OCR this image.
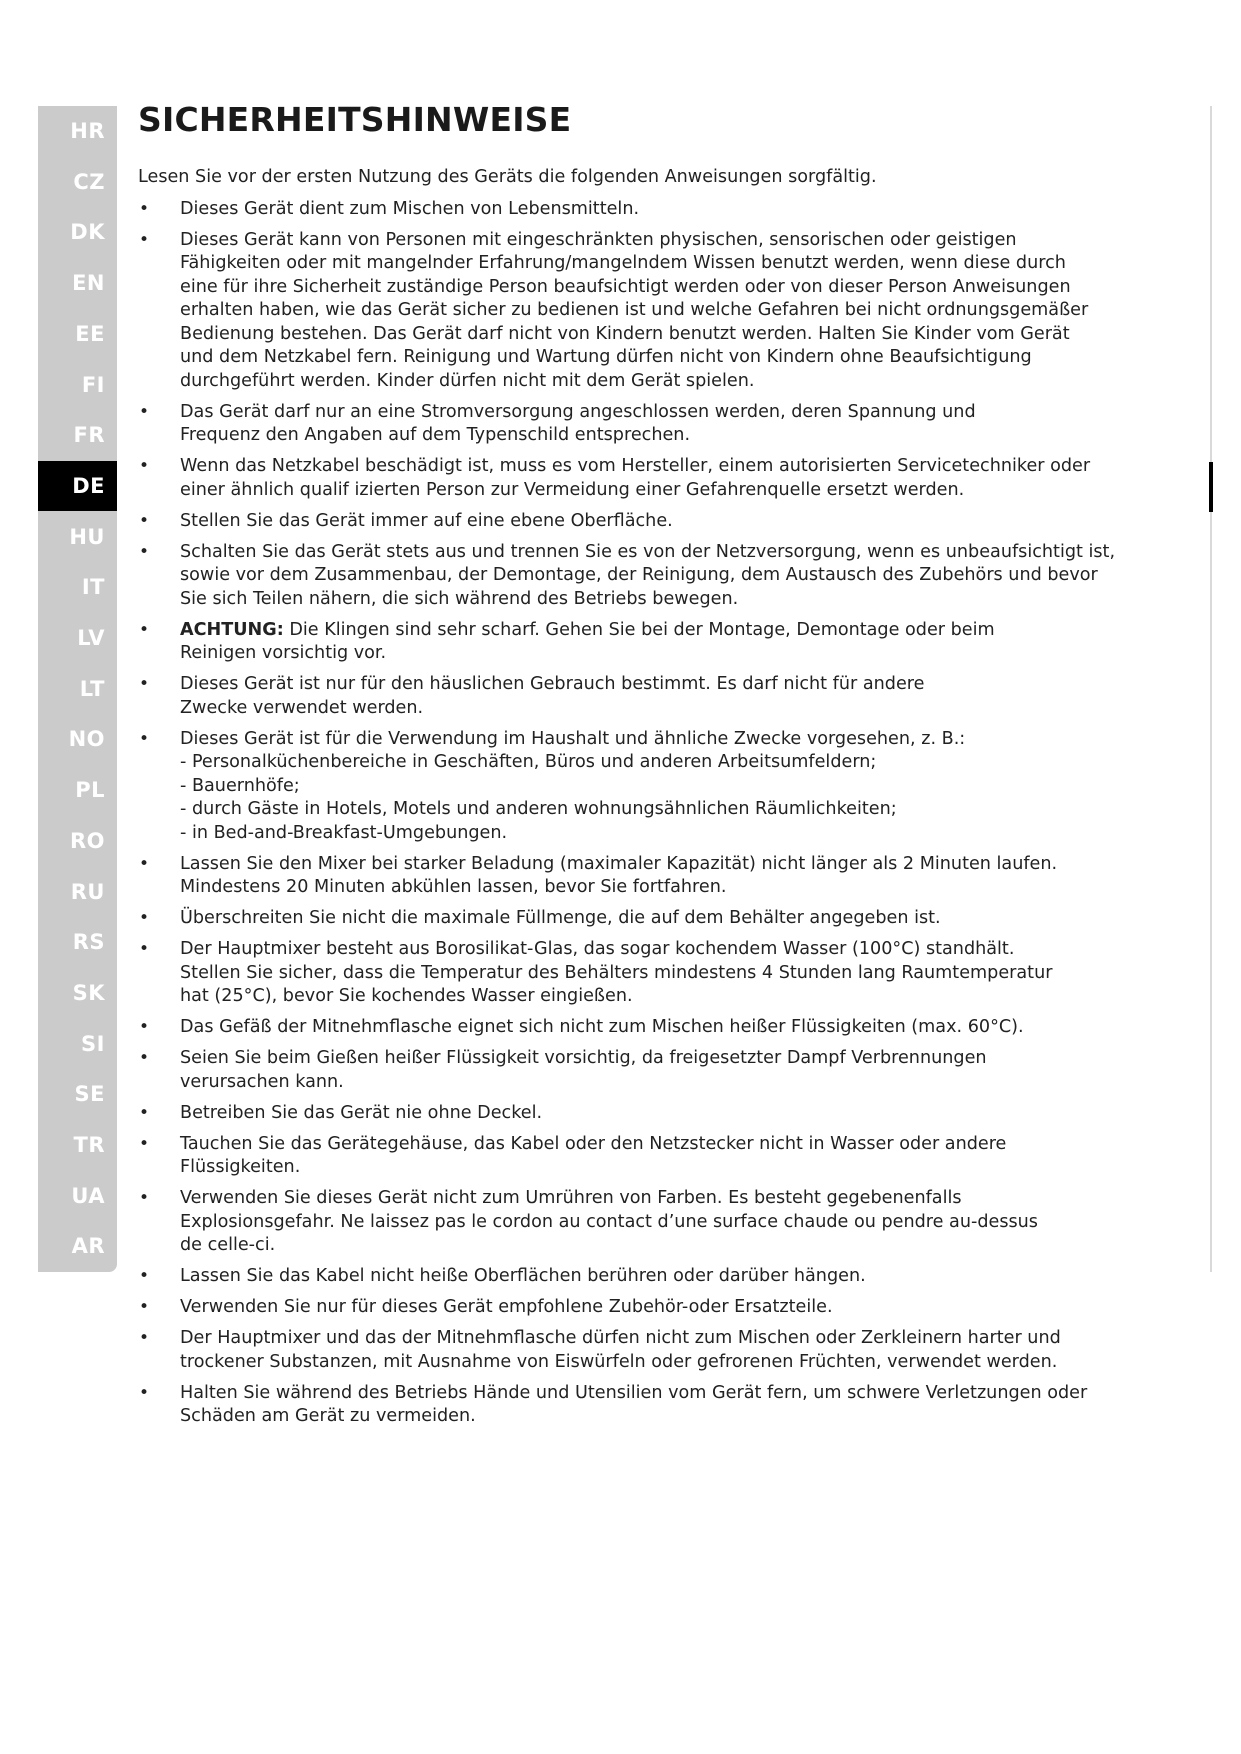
HR
CZ
DK
EN
EE
FI
FR
DE
HU
IT
LV
LT
NO
PL
RO
RU
RS
SK
SI
SE
TR
UA
AR
SICHERHEITSHINWEISE

Lesen Sie vor der ersten Nutzung des Geräts die folgenden Anweisungen sorgfältig.

• Dieses Gerät dient zum Mischen von Lebensmitteln.
• Dieses Gerät kann von Personen mit eingeschränkten physischen, sensorischen oder geistigen
Fähigkeiten oder mit mangelnder Erfahrung/mangelndem Wissen benutzt werden, wenn diese durch
eine für ihre Sicherheit zuständige Person beaufsichtigt werden oder von dieser Person Anweisungen
erhalten haben, wie das Gerät sicher zu bedienen ist und welche Gefahren bei nicht ordnungsgemäßer
Bedienung bestehen. Das Gerät darf nicht von Kindern benutzt werden. Halten Sie Kinder vom Gerät
und dem Netzkabel fern. Reinigung und Wartung dürfen nicht von Kindern ohne Beaufsichtigung
durchgeführt werden. Kinder dürfen nicht mit dem Gerät spielen.
• Das Gerät darf nur an eine Stromversorgung angeschlossen werden, deren Spannung und
Frequenz den Angaben auf dem Typenschild entsprechen.
• Wenn das Netzkabel beschädigt ist, muss es vom Hersteller, einem autorisierten Servicetechniker oder
einer ähnlich qualif izierten Person zur Vermeidung einer Gefahrenquelle ersetzt werden.
• Stellen Sie das Gerät immer auf eine ebene Oberfläche.
• Schalten Sie das Gerät stets aus und trennen Sie es von der Netzversorgung, wenn es unbeaufsichtigt ist,
sowie vor dem Zusammenbau, der Demontage, der Reinigung, dem Austausch des Zubehörs und bevor
Sie sich Teilen nähern, die sich während des Betriebs bewegen.
• ACHTUNG: Die Klingen sind sehr scharf. Gehen Sie bei der Montage, Demontage oder beim
Reinigen vorsichtig vor.
• Dieses Gerät ist nur für den häuslichen Gebrauch bestimmt. Es darf nicht für andere
Zwecke verwendet werden.
• Dieses Gerät ist für die Verwendung im Haushalt und ähnliche Zwecke vorgesehen, z. B.:
- Personalküchenbereiche in Geschäften, Büros und anderen Arbeitsumfeldern;
- Bauernhöfe;
- durch Gäste in Hotels, Motels und anderen wohnungsähnlichen Räumlichkeiten;
- in Bed-and-Breakfast-Umgebungen.
• Lassen Sie den Mixer bei starker Beladung (maximaler Kapazität) nicht länger als 2 Minuten laufen.
Mindestens 20 Minuten abkühlen lassen, bevor Sie fortfahren.
• Überschreiten Sie nicht die maximale Füllmenge, die auf dem Behälter angegeben ist.
• Der Hauptmixer besteht aus Borosilikat-Glas, das sogar kochendem Wasser (100°C) standhält.
Stellen Sie sicher, dass die Temperatur des Behälters mindestens 4 Stunden lang Raumtemperatur
hat (25°C), bevor Sie kochendes Wasser eingießen.
• Das Gefäß der Mitnehmflasche eignet sich nicht zum Mischen heißer Flüssigkeiten (max. 60°C).
• Seien Sie beim Gießen heißer Flüssigkeit vorsichtig, da freigesetzter Dampf Verbrennungen
verursachen kann.
• Betreiben Sie das Gerät nie ohne Deckel.
• Tauchen Sie das Gerätegehäuse, das Kabel oder den Netzstecker nicht in Wasser oder andere
Flüssigkeiten.
• Verwenden Sie dieses Gerät nicht zum Umrühren von Farben. Es besteht gegebenenfalls
Explosionsgefahr. Ne laissez pas le cordon au contact d’une surface chaude ou pendre au-dessus
de celle-ci.
• Lassen Sie das Kabel nicht heiße Oberflächen berühren oder darüber hängen.
• Verwenden Sie nur für dieses Gerät empfohlene Zubehör-oder Ersatzteile.
• Der Hauptmixer und das der Mitnehmflasche dürfen nicht zum Mischen oder Zerkleinern harter und
trockener Substanzen, mit Ausnahme von Eiswürfeln oder gefrorenen Früchten, verwendet werden.
• Halten Sie während des Betriebs Hände und Utensilien vom Gerät fern, um schwere Verletzungen oder
Schäden am Gerät zu vermeiden.
